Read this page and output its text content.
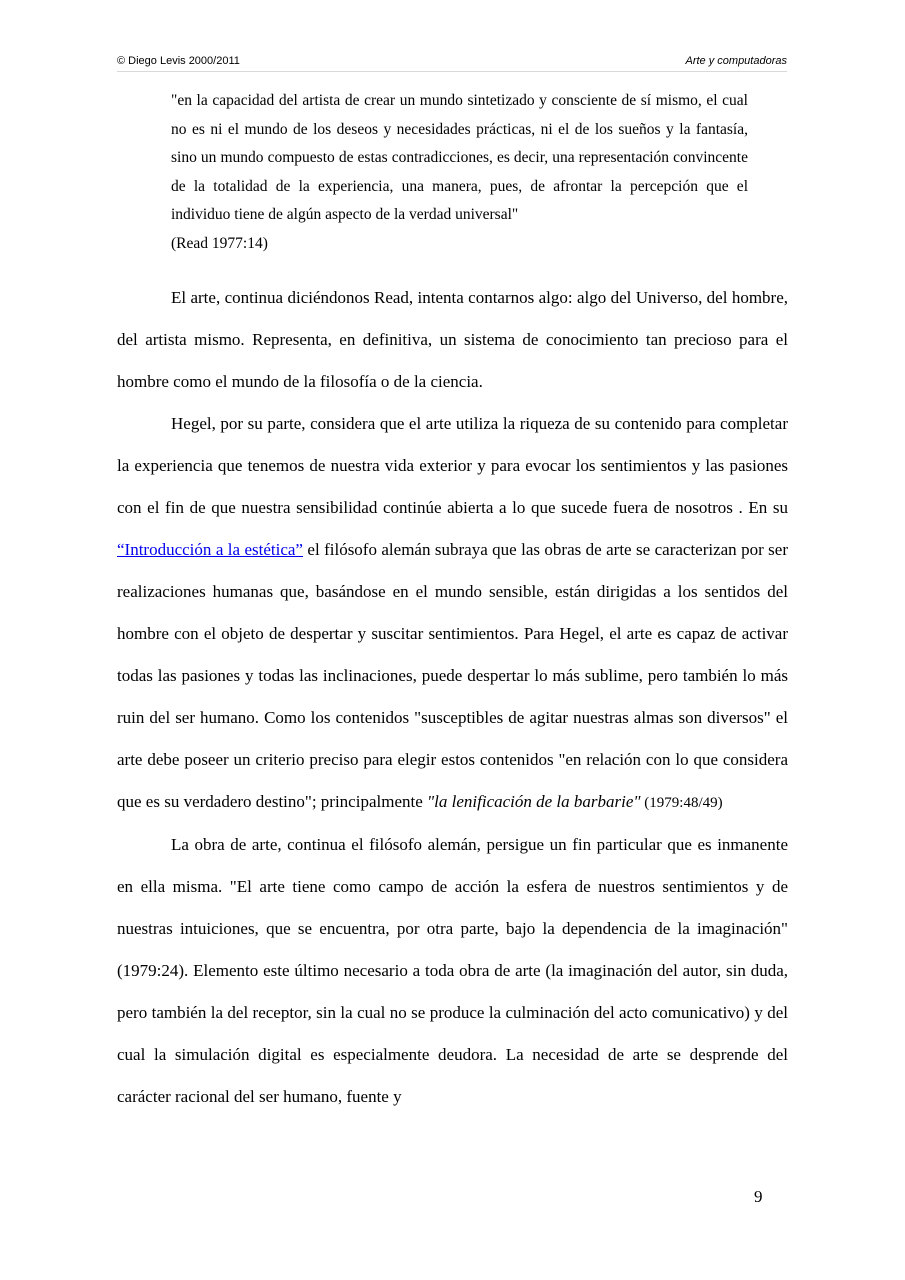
© Diego Levis 2000/2011	Arte y computadoras

"en la capacidad del artista de crear un mundo sintetizado y consciente de sí mismo, el cual no es ni el mundo de los deseos y necesidades prácticas, ni el de los sueños y la fantasía, sino un mundo compuesto de estas contradicciones, es decir, una representación convincente de la totalidad de la experiencia, una manera, pues, de afrontar la percepción que el individuo tiene de algún aspecto de la verdad universal"

(Read 1977:14)

El arte, continua diciéndonos Read, intenta contarnos algo: algo del Universo, del hombre, del artista mismo. Representa, en definitiva, un sistema de conocimiento tan precioso para el hombre como el mundo de la filosofía o de la ciencia.

Hegel, por su parte, considera que el arte utiliza la riqueza de su contenido para completar la experiencia que tenemos de nuestra vida exterior y para evocar los sentimientos y las pasiones con el fin de que nuestra sensibilidad continúe abierta a lo que sucede fuera de nosotros . En su “Introducción a la estética” el filósofo alemán subraya que las obras de arte se caracterizan por ser realizaciones humanas que, basándose en el mundo sensible, están dirigidas a los sentidos del hombre con el objeto de despertar y suscitar sentimientos. Para Hegel, el arte es capaz de activar todas las pasiones y todas las inclinaciones, puede despertar lo más sublime, pero también lo más ruin del ser humano. Como los contenidos "susceptibles de agitar nuestras almas son diversos" el arte debe poseer un criterio preciso para elegir estos contenidos "en relación con lo que considera que es su verdadero destino"; principalmente "la lenificación de la barbarie" (1979:48/49)

La obra de arte, continua el filósofo alemán, persigue un fin particular que es inmanente en ella misma. "El arte tiene como campo de acción la esfera de nuestros sentimientos y de nuestras intuiciones, que se encuentra, por otra parte, bajo la dependencia de la imaginación" (1979:24). Elemento este último necesario a toda obra de arte (la imaginación del autor, sin duda, pero también la del receptor, sin la cual no se produce la culminación del acto comunicativo) y del cual la simulación digital es especialmente deudora. La necesidad de arte se desprende del carácter racional del ser humano, fuente y

9
